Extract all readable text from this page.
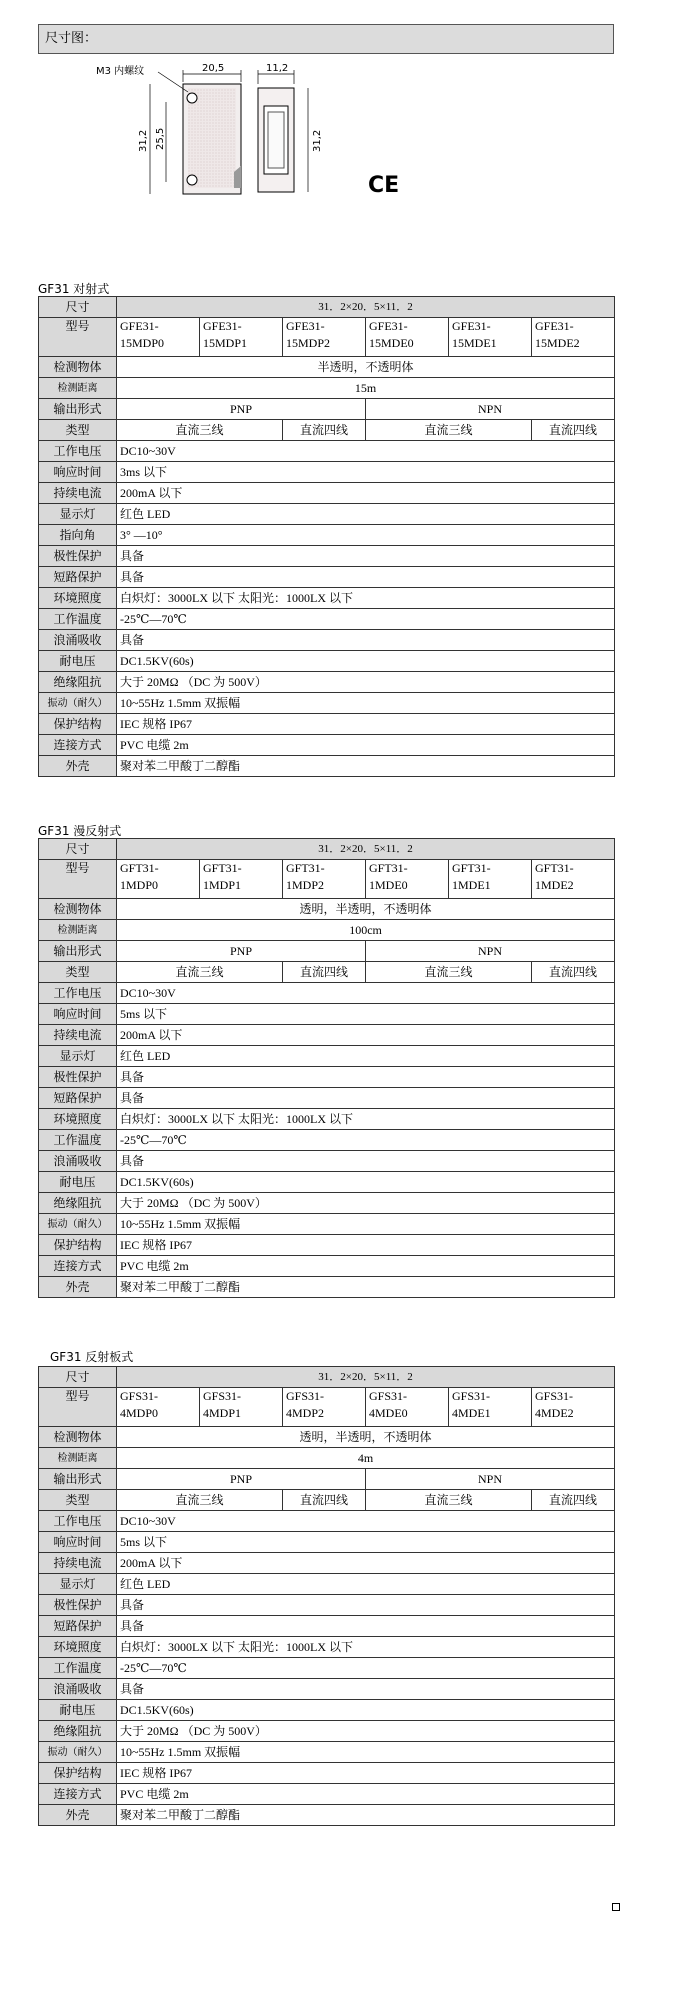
尺寸图：
20,5
31,2 25,5
M3 内螺纹	11,2
31,2
CE
GF31 对射式
尺寸	31．2×20．5×11．2					
型号	GFE31-15MDP0	GFE31-15MDP1	GFE31-15MDP2	GFE31-15MDE0	GFE31-15MDE1	GFE31-15MDE2
检测物体	半透明，不透明体					
检测距离	15m					
输出形式	PNP			NPN		
类型	直流三线		直流四线	直流三线		直流四线
工作电压	DC10~30V					
响应时间	3ms 以下					
持续电流	200mA 以下					
显示灯	红色 LED					
指向角	3° —10°					
极性保护	具备					
短路保护	具备					
环境照度	白炽灯：3000LX 以下 太阳光：1000LX 以下					
工作温度	-25℃—70℃					
浪涌吸收	具备					
耐电压	DC1.5KV(60s)					
绝缘阻抗	大于 20MΩ （DC 为 500V）					
振动（耐久）	10~55Hz 1.5mm 双振幅					
保护结构	IEC 规格 IP67					
连接方式	PVC 电缆 2m					
外壳	聚对苯二甲酸丁二醇酯					
GF31 漫反射式
尺寸	31．2×20．5×11．2					
型号	GFT31-1MDP0	GFT31-1MDP1	GFT31-1MDP2	GFT31-1MDE0	GFT31-1MDE1	GFT31-1MDE2
检测物体	透明，半透明，不透明体					
检测距离	100cm					
输出形式	PNP			NPN		
类型	直流三线		直流四线	直流三线		直流四线
工作电压	DC10~30V					
响应时间	5ms 以下					
持续电流	200mA 以下					
显示灯	红色 LED					
极性保护	具备					
短路保护	具备					
环境照度	白炽灯：3000LX 以下 太阳光：1000LX 以下					
工作温度	-25℃—70℃					
浪涌吸收	具备					
耐电压	DC1.5KV(60s)					
绝缘阻抗	大于 20MΩ （DC 为 500V）					
振动（耐久）	10~55Hz 1.5mm 双振幅					
保护结构	IEC 规格 IP67					
连接方式	PVC 电缆 2m					
外壳	聚对苯二甲酸丁二醇酯					
GF31 反射板式
尺寸	31．2×20．5×11．2					
型号	GFS31-4MDP0	GFS31-4MDP1	GFS31-4MDP2	GFS31-4MDE0	GFS31-4MDE1	GFS31-4MDE2
检测物体	透明，半透明，不透明体					
检测距离	4m					
输出形式	PNP			NPN		
类型	直流三线		直流四线	直流三线		直流四线
工作电压	DC10~30V					
响应时间	5ms 以下					
持续电流	200mA 以下					
显示灯	红色 LED					
极性保护	具备					
短路保护	具备					
环境照度	白炽灯：3000LX 以下 太阳光：1000LX 以下					
工作温度	-25℃—70℃					
浪涌吸收	具备					
耐电压	DC1.5KV(60s)					
绝缘阻抗	大于 20MΩ （DC 为 500V）					
振动（耐久）	10~55Hz 1.5mm 双振幅					
保护结构	IEC 规格 IP67					
连接方式	PVC 电缆 2m					
外壳	聚对苯二甲酸丁二醇酯					
